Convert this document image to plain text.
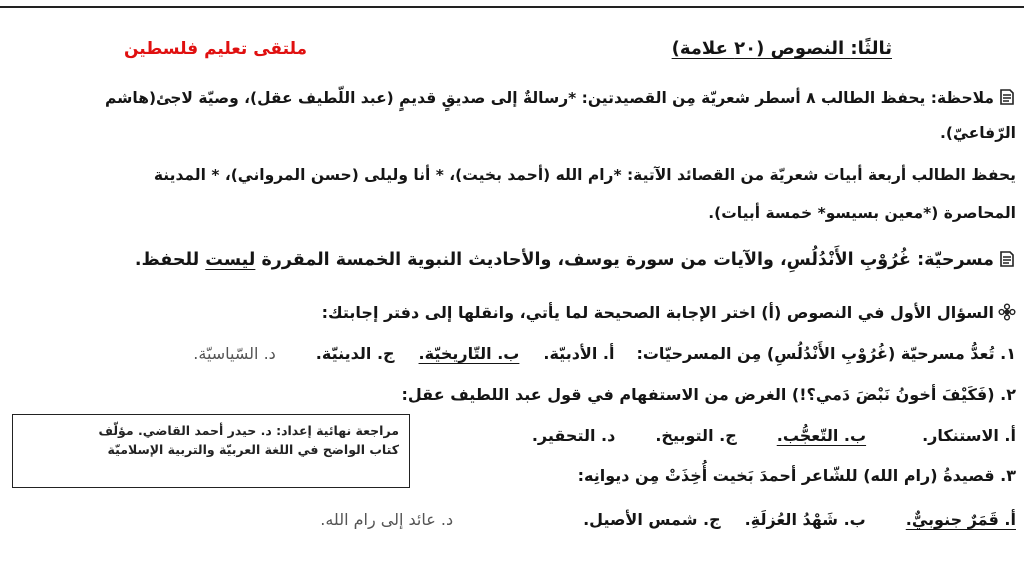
ثالثًا: النصوص (٢٠ علامة)
ملتقى تعليم فلسطين
ملاحظة: يحفظ الطالب ٨ أسطر شعريّة مِن القصيدتين: *رسالةٌ إلى صديقٍ قديمٍ (عبد اللّطيف عقل)، وصيّة لاجئ(هاشم
الرّفاعيّ).
يحفظ الطالب أربعة أبيات شعريّة من القصائد الآتية: *رام الله (أحمد بخيت)، * أنا وليلى (حسن المرواني)، * المدينة
المحاصرة (*معين بسيسو* خمسة أبيات).
مسرحيّة: غُرُوْبِ الأَنْدُلُسِ، والآيات من سورة يوسف، والأحاديث النبوية الخمسة المقررة ليست للحفظ.
السؤال الأول في النصوص (أ) اختر الإجابة الصحيحة لما يأتي، وانقلها إلى دفتر إجابتك:
١. تُعدُّ مسرحيّة (غُرُوْبِ الأَنْدُلُسِ) مِن المسرحيّات:
أ. الأدبيّة.
ب. التّاريخيّة.
ج. الدينيّة.
د. السّياسيّة.
٢. (فَكَيْفَ أخونُ نَبْضَ دَمي؟!) الغرض من الاستفهام في قول عبد اللطيف عقل:
أ. الاستنكار.
ب. التّعجُّب.
ج. التوبيخ.
د. التحقير.
٣. قصيدةُ (رام الله) للشّاعر أحمدَ بَخيت أُخِذَتْ مِن ديوانِه:
أ. قَمَرٌ جنوبيٌّ.
ب. شَهْدُ العُزلَةِ.
ج. شمس الأصيل.
د. عائد إلى رام الله.
مراجعة نهائية إعداد: د. حيدر أحمد القاضي. مؤلّف
كتاب الواضح في اللغة العربيّة والتربية الإسلاميّة
